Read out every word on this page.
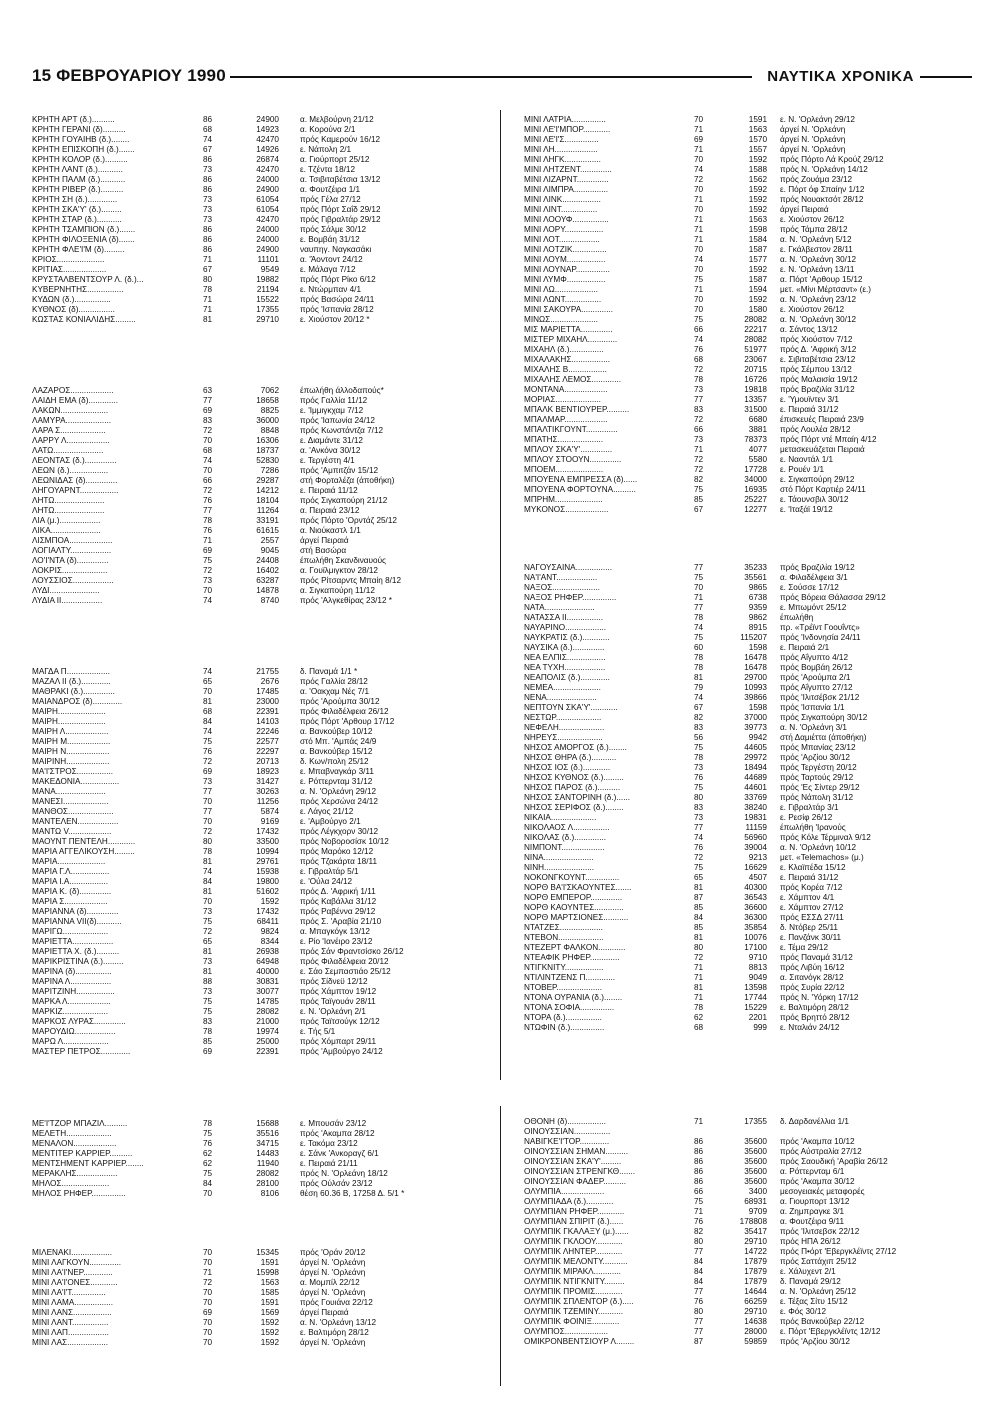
15 ΦΕΒΡΟΥΑΡΙΟΥ 1990	ΝΑΥΤΙΚΑ ΧΡΟΝΙΚΑ
ΚΡΗΤΗ ΑΡΤ (δ.)..........	86	24900	α. Μελβούρνη 21/12
ΚΡΗΤΗ ΓΕΡΑΝΙ (δ)..........	68	14923	α. Κορούνα 2/1
ΚΡΗΤΗ ΓΟΥΑΙΗΒ (δ.)........	74	42470	πρός Καμερούν 16/12
ΚΡΗΤΗ ΕΠΙΣΚΟΠΗ (δ.).......	67	14926	ε. Νάπολη 2/1
ΚΡΗΤΗ ΚΟΛΟΡ (δ.)..........	86	26874	α. Γιούρπορτ 25/12
ΚΡΗΤΗ ΛΑΝΤ (δ.)...........	73	42470	ε. Τζέντα 18/12
ΚΡΗΤΗ ΠΑΛΜ (δ.)...........	86	24000	α. Τσιβιταβέτσια 13/12
ΚΡΗΤΗ ΡΙΒΕΡ (δ.)..........	86	24900	α. Φουτζέιρα 1/1
ΚΡΗΤΗ ΣΗ (δ.).............	73	61054	πρός Γέλα 27/12
ΚΡΗΤΗ ΣΚΑ'Υ' (δ.).........	73	61054	πρός Πόρτ Σαΐδ 29/12
ΚΡΗΤΗ ΣΤΑΡ (δ.)...........	73	42470	πρός Γιβραλτάρ 29/12
ΚΡΗΤΗ ΤΣΑΜΠΙΟΝ (δ.).......	86	24000	πρός Σάλμε 30/12
ΚΡΗΤΗ ΦΙΛΟΞΕΝΙΑ (δ).......	86	24000	ε. Βομβάη 31/12
ΚΡΗΤΗ ΦΛΕ'Ι'Μ (δ).........	86	24900	ναυπηγ. Ναγκασάκι
ΚΡΙΟΣ.....................	71	11101	α. 'Άοντοντ 24/12
ΚΡΙΤΙΑΣ...................	67	9549	ε. Μάλαγα 7/12
ΚΡΥΣΤΑΛΒΕΝΤΣΟΥΡ Λ. (δ.)...	80	19882	πρός Πόρτ Ρίκο 6/12
ΚΥΒΕΡΝΗΤΗΣ................	78	21194	ε. Ντώρμπαν 4/1
ΚΥΔΩΝ (δ.)................	71	15522	πρός Βασώρα 24/11
ΚΥΘΝΟΣ (δ)................	71	17355	πρός 'Ισπανία 28/12
ΚΩΣΤΑΣ ΚΟΝΙΑΛΙΔΗΣ.........	81	29710	ε. Χιούστον 20/12 *
ΛΑΖΑΡΟΣ...................	63	7062	έπωλήθη άλλοδαπούς*
ΛΑΙΔΗ ΕΜΑ (δ).............	77	18658	πρός Γαλλία 11/12
ΛΑΚΩΝ.....................	69	8825	ε. 'Ιμμιγκχαμ 7/12
ΛΑΜΥΡΑ....................	83	36000	πρός 'Ιαπωνία 24/12
ΛΑΡΑ Σ....................	72	8848	πρός Κωνστάντζα 7/12
ΛΑΡΡΥ Λ...................	70	16306	ε. Διαμάντε 31/12
ΛΑΤΩ......................	68	18737	α. 'Ανκόνα 30/12
ΛΕΟΝΤΑΣ (δ.)..............	74	52830	ε. Τεργέστη 4/1
ΛΕΩΝ (δ.).................	70	7286	πρός 'Αμπιτζάν 15/12
ΛΕΩΝΙΔΑΣ (δ)..............	66	29287	στή Φορταλέζα (άποθήκη)
ΛΗΓΟΥΑΡΝΤ.................	72	14212	ε. Πειραιά 11/12
ΛΗΤΩ......................	76	18104	πρός Σιγκαπούρη 21/12
ΛΗΤΩ......................	77	11264	α. Πειραιά 23/12
ΛΙΑ (μ.)..................	78	33191	πρός Πόρτο 'Ορντάζ 25/12
ΛΙΚΑ......................	76	61615	α. Νιούκαστλ 1/1
ΛΙΣΜΠΟΑ...................	71	2557	άργεί Πειραιά
ΛΟΓΙΑΛΤΥ..................	69	9045	στή Βασώρα
ΛΟ'Ι'ΝΤΑ (δ)..............	75	24408	έπωλήθη Σκανδιναυούς
ΛΟΚΡΙΣ....................	72	16402	α. Γουϊλμιγκτον 28/12
ΛΟΥΣΣΙΟΣ..................	73	63287	πρός Ρίτσαρντς Μπαίη 8/12
ΛΥΔΙ......................	70	14878	α. Σιγκαπούρη 11/12
ΛΥΔΙΑ ΙΙ..................	74	8740	πρός 'Αλγκεθίρας 23/12 *
ΜΑΓΔΑ Π...................	74	21755	δ. Παναμά 1/1 *
ΜΑΖΑΛ ΙΙ (δ.).............	65	2676	πρός Γαλλία 28/12
ΜΑΘΡΑΚΙ (δ.)..............	70	17485	α. 'Οακχαμ Νές 7/1
ΜΑΙΑΝΔΡΟΣ (δ).............	81	23000	πρός 'Αρούμπα 30/12
ΜΑΙΡΗ.....................	68	22391	πρός Φιλαδέλφεια 26/12
ΜΑΙΡΗ.....................	84	14103	πρός Πόρτ 'Αρθουρ 17/12
ΜΑΙΡΗ Λ...................	74	22246	α. Βανκούβερ 10/12
ΜΑΙΡΗ Μ...................	75	22577	στό Μπ. 'Αμπάς 24/9
ΜΑΙΡΗ Ν...................	76	22297	α. Βανκούβερ 15/12
ΜΑΙΡΙΝΗ...................	72	20713	δ. Κων/πολη 25/12
ΜΑ'Ι'ΣΤΡΟΣ................	69	18923	ε. Μπαβναγκάρ 3/11
ΜΑΚΕΔΟΝΙΑ.................	73	31427	ε. Ρόττερνταμ 31/12
ΜΑΝΑ......................	77	30263	α. Ν. 'Ορλεάνη 29/12
ΜΑΝΕΣΙ....................	70	11256	πρός Χερσώνα 24/12
ΜΑΝΘΟΣ....................	77	5874	ε. Λάγος 21/12
ΜΑΝΤΕΛΕΝ..................	70	9169	ε. 'Αμβούργο 2/1
ΜΑΝΤΩ V...................	72	17432	πρός Λέγκχορν 30/12
ΜΑΟΥΝΤ ΠΕΝΤΕΛΗ............	80	33500	πρός Νοβοροσίσκ 10/12
ΜΑΡΙΑ ΑΓΓΕΛΙΚΟΥΣΗ.........	78	10994	πρός Μαρόκο 12/12
ΜΑΡΙΑ.....................	81	29761	πρός Τζακάρτα 18/11
ΜΑΡΙΑ Γ.Λ.................	74	15938	ε. Γιβραλτάρ 5/1
ΜΑΡΙΑ Ι.Α.................	84	19800	ε. 'Ούλα 24/12
ΜΑΡΙΑ Κ. (δ)..............	81	51602	πρός Δ. 'Αφρική 1/11
ΜΑΡΙΑ Σ...................	70	1592	πρός Καβάλλα 31/12
ΜΑΡΙΑΝΝΑ (δ)..............	73	17432	πρός Ραβέννα 29/12
ΜΑΡΙΑΝΝΑ VII(δ)...........	75	68411	πρός Σ. 'Αραβία 21/10
ΜΑΡΙΓΩ....................	72	9824	α. Μπαγκόγκ 13/12
ΜΑΡΙΕΤΤΑ..................	65	8344	ε. Ρίο 'Ιανέιρο 23/12
ΜΑΡΙΕΤΤΑ Χ. (δ.)..........	81	26938	πρός Σάν Φραντσίσκο 26/12
ΜΑΡΙΚΡΙΣΤΙΝΑ (δ.).........	73	64948	πρός Φιλαδέλφεια 20/12
ΜΑΡΙΝΑ (δ)................	81	40000	ε. Σάο Σεμπαστιάο 25/12
ΜΑΡΙΝΑ Λ..................	88	30831	πρός Σίδνεϋ 12/12
ΜΑΡΙΤΖΙΝΗ.................	73	30077	πρός Χάμπτον 19/12
ΜΑΡΚΑ Λ...................	75	14785	πρός Ταϊγουάν 28/11
ΜΑΡΚΙΖ....................	75	28082	ε. Ν. 'Ορλεάνη 2/1
ΜΑΡΚΟΣ ΛΥΡΑΣ..............	83	21000	πρός Ταϊτσούγκ 12/12
ΜΑΡΟΥΔΙΩ..................	78	19974	ε. Τής 5/1
ΜΑΡΩ Λ....................	85	25000	πρός Χόμπαρτ 29/11
ΜΑΣΤΕΡ ΠΕΤΡΟΣ.............	69	22391	πρός 'Αμβούργο 24/12
ΜΕ'Ι'ΤΖΟΡ ΜΠΑΖΙΛ..........	78	15688	ε. Μπουσάν 23/12
ΜΕΛΕΤΗ....................	75	35516	πρός 'Ακαμπα 28/12
ΜΕΝΑΛΟΝ...................	76	34715	ε. Τακόμα 23/12
ΜΕΝΤΙΤΕΡ ΚΑΡΡΙΕΡ..........	62	14483	ε. Σάνκ 'Ανκοραγζ 6/1
ΜΕΝΤΣΗΜΕΝΤ ΚΑΡΡΙΕΡ........	62	11940	ε. Πειραιά 21/11
ΜΕΡΑΚΛΗΣ..................	75	28082	πρός Ν. 'Ορλεάνη 18/12
ΜΗΛΟΣ.....................	84	28100	πρός Ούλσάν 23/12
ΜΗΛΟΣ ΡΗΦΕΡ...............	70	8106	θέση 60.36 Β, 17258 Δ. 5/1 *
ΜΙΛΕΝΑΚΙ..................	70	15345	πρός 'Οράν 20/12
ΜΙΝΙ ΛΑΓΚΟΥΝ..............	70	1591	άργεί Ν. 'Ορλεάνη
ΜΙΝΙ ΛΑ'Ι'ΝΕΡ.............	71	15998	άργεί Ν. 'Ορλεάνη
ΜΙΝΙ ΛΑ'Ι'ΟΝΕΣ............	72	1563	α. Μομπίλ 22/12
ΜΙΝΙ ΛΑ'Ι'Τ...............	70	1585	άργεί Ν. 'Ορλεάνη
ΜΙΝΙ ΛΑΜΑ.................	70	1591	πρός Γουιάνα 22/12
ΜΙΝΙ ΛΑΝΣ.................	69	1569	άργεί Πειραιά
ΜΙΝΙ ΛΑΝΤ................	70	1592	α. Ν. 'Ορλεάνη 13/12
ΜΙΝΙ ΛΑΠ..................	70	1592	ε. Βαλτιμόρη 28/12
ΜΙΝΙ ΛΑΣ..................	70	1592	άργεί Ν. 'Ορλεάνη
ΜΙΝΙ ΛΑΤΡΙΑ...............	70	1591 ε. Ν. 'Ορλεάνη 29/12
ΜΙΝΙ ΛΕ'Ι'ΜΠΟΡ............	71	1563 άργεί Ν. 'Ορλεάνη
ΜΙΝΙ ΛΕ'Ι'Σ...............	69	1570 άργεί Ν. 'Ορλεάνη
ΜΙΝΙ ΛΗ...................	71	1557 άργεί Ν. 'Ορλεάνη
ΜΙΝΙ ΛΗΓΚ................	70	1592 πρός Πόρτο Λά Κρούζ 29/12
ΜΙΝΙ ΛΗΤΖΕΝΤ..............	74	1588 πρός Ν. 'Ορλεάνη 14/12
ΜΙΝΙ ΛΙΖΑΡΝΤ..............	72	1562 πρός Ζουάμα 23/12
ΜΙΝΙ ΛΙΜΠΡΑ...............	70	1592 ε. Πόρτ όφ Σπαίην 1/12
ΜΙΝΙ ΛΙΝΚ.................	71	1592 πρός Νουακτσότ 28/12
ΜΙΝΙ ΛΙΝΤ................	70	1592 άργεί Πειραιά
ΜΙΝΙ ΛΟΟΥΦ................	71	1563 ε. Χιούστον 26/12
ΜΙΝΙ ΛΟΡΥ.................	71	1598 πρός Τάμπα 28/12
ΜΙΝΙ ΛΟΤ..................	71	1584 α. Ν. 'Ορλεάνη 5/12
ΜΙΝΙ ΛΟΤΖΙΚ...............	70	1587 ε. Γκάλβεστον 28/11
ΜΙΝΙ ΛΟΥΜ.................	74	1577 α. Ν. 'Ορλεάνη 30/12
ΜΙΝΙ ΛΟΥΝΑΡ...............	70	1592 ε. Ν. 'Ορλεάνη 13/11
ΜΙΝΙ ΛΥΜΦ.................	75	1587 α. Πόρτ 'Αρθουρ 15/12
ΜΙΝΙ ΛΩ...................	71	1594 μετ. «Μίνι Μέρτσαντ» (ε.)
ΜΙΝΙ ΛΩΝΤ................	70	1592 α. Ν. 'Ορλεάνη 23/12
ΜΙΝΙ ΣΑΚΟΥΡΑ..............	70	1580 ε. Χιούστον 26/12
ΜΙΝΩΣ.....................	75	28082 α. Ν. 'Ορλεάνη 30/12
ΜΙΣ ΜΑΡΙΕΤΤΑ..............	66	22217 α. Σάντος 13/12
ΜΙΣΤΕΡ ΜΙΧΑΗΛ.............	74	28082 πρός Χιούστον 7/12
ΜΙΧΑΗΛ (δ.)...............	76	51977 πρός Δ. 'Αφρική 3/12
ΜΙΧΑΛΑΚΗΣ.................	68	23067 ε. Σιβιταβέτσια 23/12
ΜΙΧΑΛΗΣ Β.................	72	20715 πρός Σέμπου 13/12
ΜΙΧΑΛΗΣ ΛΕΜΟΣ.............	78	16726 πρός Μαλαισία 19/12
ΜΟΝΤΑΝΑ...................	73	19818 πρός Βραζιλία 31/12
ΜΟΡΙΑΣ....................	77	13357 ε. 'Υμουϊντεν 3/1
ΜΠΑΛΚ ΒΕΝΤΙΟΥΡΕΡ..........	83	31500 ε. Πειραιά 31/12
ΜΠΑΛΜΑΡ...................	72	6680 έπισκευές Πειραιά 23/9
ΜΠΑΛΤΙΚΓΟΥΝΤ..............	66	3881 πρός Λουλέα 28/12
ΜΠΑΤΗΣ....................	73	78373 πρός Πόρτ ντέ Μπαίη 4/12
ΜΠΛΟΥ ΣΚΑ'Υ'..............	71	4077 μετασκευάζεται Πειραιά
ΜΠΛΟΥ ΣΤΟΟΥΝ..............	72	5580 ε. Ναοντάλ 1/1
ΜΠΟΕΜ.....................	72	17728 ε. Ρουέν 1/1
ΜΠΟΥΕΝΑ ΕΜΠΡΕΣΣΑ (δ)......	82	34000 ε. Σιγκαπούρη 29/12
ΜΠΟΥΕΝΑ ΦΟΡΤΟΥΝΑ..........	75	16935 στό Πόρτ Καρτιέρ 24/11
ΜΠΡΗΜ.....................	85	25227 ε. Τάουνσβιλ 30/12
ΜΥΚΟΝΟΣ...................	67	12277 ε. 'Ιταξάϊ 19/12
ΝΑΓΟΥΣΑΙΝΑ................	77	35233 πρός Βραζιλία 19/12
ΝΑ'Ι'ΑΝΤ..................	75	35561 α. Φιλαδέλφεια 3/1
ΝΑΞΟΣ.....................	70	9865 ε. Σούσσε 17/12
ΝΑΞΟΣ ΡΗΦΕΡ...............	71	6738 πρός Βόρεια Θάλασσα 29/12
ΝΑΤΑ......................	77	9359 ε. Μπωμόντ 25/12
ΝΑΤΑΣΣΑ ΙΙ................	78	9862 έπωλήθη
ΝΑΥΑΡΙΝΟ..................	74	8915 πρ. «Τρέϊντ Γοουΐντς»
ΝΑΥΚΡΑΤΙΣ (δ.)............	75	115207 πρός 'Ινδονησία 24/11
ΝΑΥΣΙΚΑ (δ.)..............	60	1598 ε. Πειραιά 2/1
ΝΕΑ ΕΛΠΙΣ.................	78	16478 πρός Αΐγυπτο 4/12
ΝΕΑ ΤΥΧΗ..................	78	16478 πρός Βομβάη 26/12
ΝΕΑΠΟΛΙΣ (δ.).............	81	29700 πρός 'Αρούμπα 2/1
ΝΕΜΕΑ.....................	79	10993 πρός Αΐγυπτο 27/12
ΝΕΝΑ......................	74	39866 πρός 'Ιλιτσέβσκ 21/12
ΝΕΠΤΟΥΝ ΣΚΑ'Υ'............	67	1598 πρός 'Ισπανία 1/1
ΝΕΣΤΩΡ....................	82	37000 πρός Σιγκαπούρη 30/12
ΝΕΦΕΛΗ....................	83	39773 α. Ν. 'Ορλεάνη 3/1
ΝΗΡΕΥΣ....................	56	9942 στή Δαμιέττα (άποθήκη)
ΝΗΣΟΣ ΑΜΟΡΓΟΣ (δ.)........	75	44605 πρός Μπανίας 23/12
ΝΗΣΟΣ ΘΗΡΑ (δ.)...........	78	29972 πρός 'Αρζίου 30/12
ΝΗΣΟΣ ΙΟΣ (δ.)............	73	18494 πρός Τεργέστη 20/12
ΝΗΣΟΣ ΚΥΘΝΟΣ (δ.).........	76	44689 πρός Ταρτούς 29/12
ΝΗΣΟΣ ΠΑΡΟΣ (δ.)..........	75	44601 πρός 'Ες Σίντερ 29/12
ΝΗΣΟΣ ΣΑΝΤΟΡΙΝΗ (δ.)......	80	33769 πρός Νάπολη 31/12
ΝΗΣΟΣ ΣΕΡΙΦΟΣ (δ.)........	83	38240 ε. Γιβραλτάρ 3/1
ΝΙΚΑΙΑ....................	73	19831 ε. Ρεσίφ 26/12
ΝΙΚΟΛΑΟΣ Λ................	77	11159 έπωλήθη 'Ιρανούς
ΝΙΚΟΛΑΣ (δ.)..............	74	56960 πρός Κόλε Τέρμιναλ 9/12
ΝΙΜΠΟΝΤ...................	76	39004 α. Ν. 'Ορλεάνη 10/12
ΝΙΝΑ......................	72	9213 μετ. «Telemachos» (μ.)
ΝΙΝΗ......................	75	16629 ε. Κλαϊπέδα 15/12
ΝΟΚΟΝΓΚΟΥΝΤ...............	65	4507 ε. Πειραιά 31/12
ΝΟΡΘ ΒΑ'Ι'ΣΚΑΟΥΝΤΕΣ.......	81	40300 πρός Κορέα 7/12
ΝΟΡΘ ΕΜΠΕΡΟΡ..............	87	36543 ε. Χάμπτον 4/1
ΝΟΡΘ ΚΑΟΥΝΤΕΣ.............	85	36600 ε. Χάμπτον 27/12
ΝΟΡΘ ΜΑΡΤΣΙΟΝΕΣ...........	84	36300 πρός ΕΣΣΔ 27/11
ΝΤΑΤΖΕΣ...................	85	35854 δ. Ντόβερ 25/11
ΝΤΕΒΟΝ....................	81	10076 ε. Πανζάνκ 30/11
ΝΤΕΖΕΡΤ ΦΑΛΚΟΝ............	80	17100 ε. Τέμα 29/12
ΝΤΕΑΦΙΚ ΡΗΦΕΡ.............	72	9710 πρός Παναμά 31/12
ΝΤΙΓΚΝΙΤΥ.................	71	8813 πρός Λιβύη 16/12
ΝΤΙΛΙΝΤΖΕΝΣ Π.............	71	9049 α. Σιτανόγκ 28/12
ΝΤΟΒΕΡ....................	81	13598 πρός Συρία 22/12
ΝΤΟΝΑ ΟΥΡΑΝΙΑ (δ.)........	71	17744 πρός Ν. 'Υόρκη 17/12
ΝΤΟΝΑ ΣΟΦΙΑ...............	78	15229 ε. Βαλτιμόρη 28/12
ΝΤΟΡΑ (δ.)................	62	2201 πρός Βρηττό 28/12
ΝΤΩΦΙΝ (δ.)...............	68	999 ε. Νταλιάν 24/12
ΟΘΟΝΗ (δ).................	71	17355 δ. Δαρδανέλλια 1/1
ΟΙΝΟΥΣΣΙΑΝ................
ΝΑΒΙΓΚΕ'Ι'ΤΟΡ.............	86	35600 πρός 'Ακαμπα 10/12
ΟΙΝΟΥΣΣΙΑΝ ΣΗΜΑΝ..........	86	35600 πρός Αύστραλία 27/12
ΟΙΝΟΥΣΣΙΑΝ ΣΚΑ'Υ'.........	86	35600 πρός Σαουδική 'Αραβία 26/12
ΟΙΝΟΥΣΣΙΑΝ ΣΤΡΕΝΓΚΘ.......	86	35600 α. Ρόττερνταμ 6/1
ΟΙΝΟΥΣΣΙΑΝ ΦΑΔΕΡ..........	86	35600 πρός 'Ακαμπα 30/12
ΟΛΥΜΠΙΑ...................	66	3400 μεσογειακές μεταφορές
ΟΛΥΜΠΙΑΔΑ (δ.)............	75	68931 α. Γιουρπορτ 13/12
ΟΛΥΜΠΙΑΝ ΡΗΦΕΡ............	71	9709 α. Ζημπραγκε 3/1
ΟΛΥΜΠΙΑΝ ΣΠΙΡΙΤ (δ.)......	76	178808 α. Φουτζέιρα 9/11
ΟΛΥΜΠΙΚ ΓΚΑΛΑΞΥ (μ.)......	82	35417 πρός 'Ιλιτσεβσκ 22/12
ΟΛΥΜΠΙΚ ΓΚΛΟΟΥ............	80	29710 πρός ΗΠΑ 26/12
ΟΛΥΜΠΙΚ ΛΗΝΤΕΡ............	77	14722 πρός Π•όρτ 'Εβεργκλέϊντς 27/12
ΟΛΥΜΠΙΚ ΜΕΛΟΝΤΥ...........	84	17879 πρός Σαττάχιπ 25/12
ΟΛΥΜΠΙΚ ΜΙΡΑΚΛ............	84	17879 ε. Χάλυχεντ 2/1
ΟΛΥΜΠΙΚ ΝΤΙΓΚΝΙΤΥ.........	84	17879 δ. Παναμά 29/12
ΟΛΥΜΠΙΚ ΠΡΟΜΙΣ............	77	14644 α. Ν. 'Ορλεάνη 25/12
ΟΛΥΜΠΙΚ ΣΠΛΕΝΤΟΡ (δ.).....	76	66259 ε. Τέξας Σίτυ 15/12
ΟΛΥΜΠΙΚ ΤΖΕΜΙΝΥ...........	80	29710 ε. Φός 30/12
ΟΛΥΜΠΙΚ ΦΟΙΝΙΞ............	77	14638 πρός Βανκούβερ 22/12
ΟΛΥΜΠΟΣ...................	77	28000 ε. Πόρτ 'Εβεργκλέϊντς 12/12
ΟΜΙΚΡΟΝΒΕΝΤΣΙΟΥΡ Λ........	87	59859 πρός 'Αρζίου 30/12
